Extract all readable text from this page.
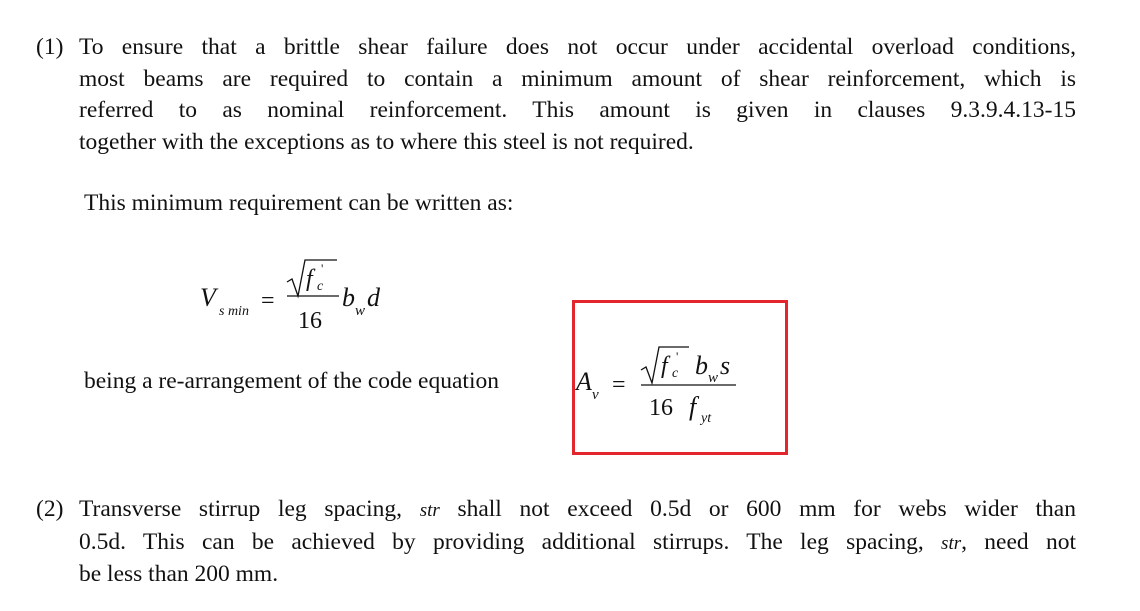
(1) To ensure that a brittle shear failure does not occur under accidental overload conditions,
most beams are required to contain a minimum amount of shear reinforcement, which is
referred to as nominal reinforcement. This amount is given in clauses 9.3.9.4.13-15
together with the exceptions as to where this steel is not required.
This minimum requirement can be written as:
V s min =
f c
'
16
b w d
being a re-arrangement of the code equation	A v =
f c
' b w s
16 f yt
(2) Transverse stirrup leg spacing, str shall not exceed 0.5d or 600 mm for webs wider than
0.5d. This can be achieved by providing additional stirrups. The leg spacing, str, need not
be less than 200 mm.
